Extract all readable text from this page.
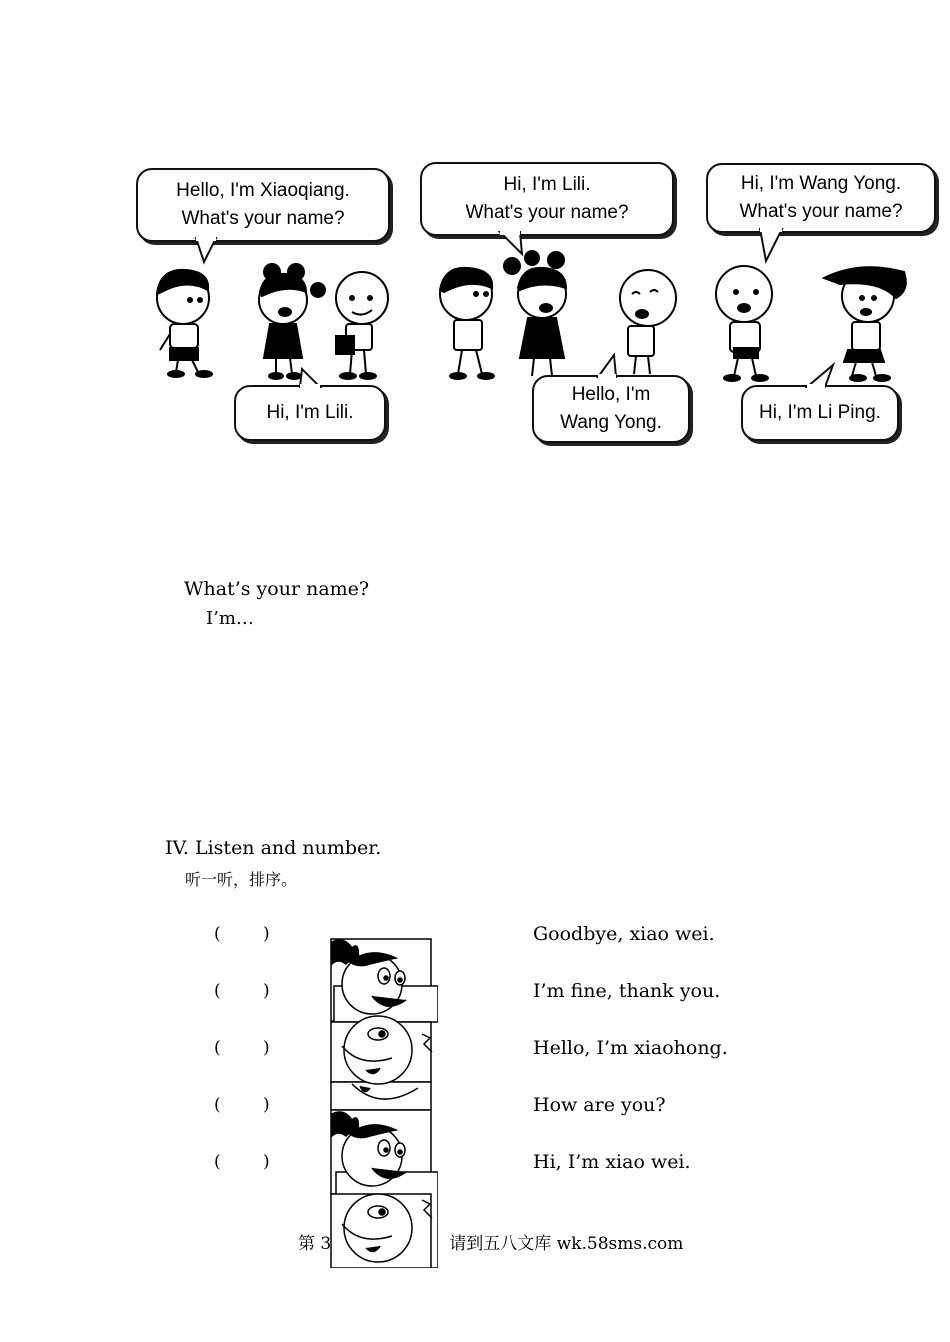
Hello, I'm Xiaoqiang.
What's your name?
Hi, I'm Lili.
What's your name?
Hi, I'm Wang Yong.
What's your name?
Hi, I'm Lili.
Hello, I'm
Wang Yong.	Hi, I'm Li Ping.
What’s your name?
I’m…
IV. Listen and number.
听一听，排序。
( )
( )
( )
( )
( )
Goodbye, xiao wei.
I’m fine, thank you.
Hello, I’m xiaohong.
How are you?
Hi, I’m xiao wei.
第 3	请到五八文库 wk.58sms.com
